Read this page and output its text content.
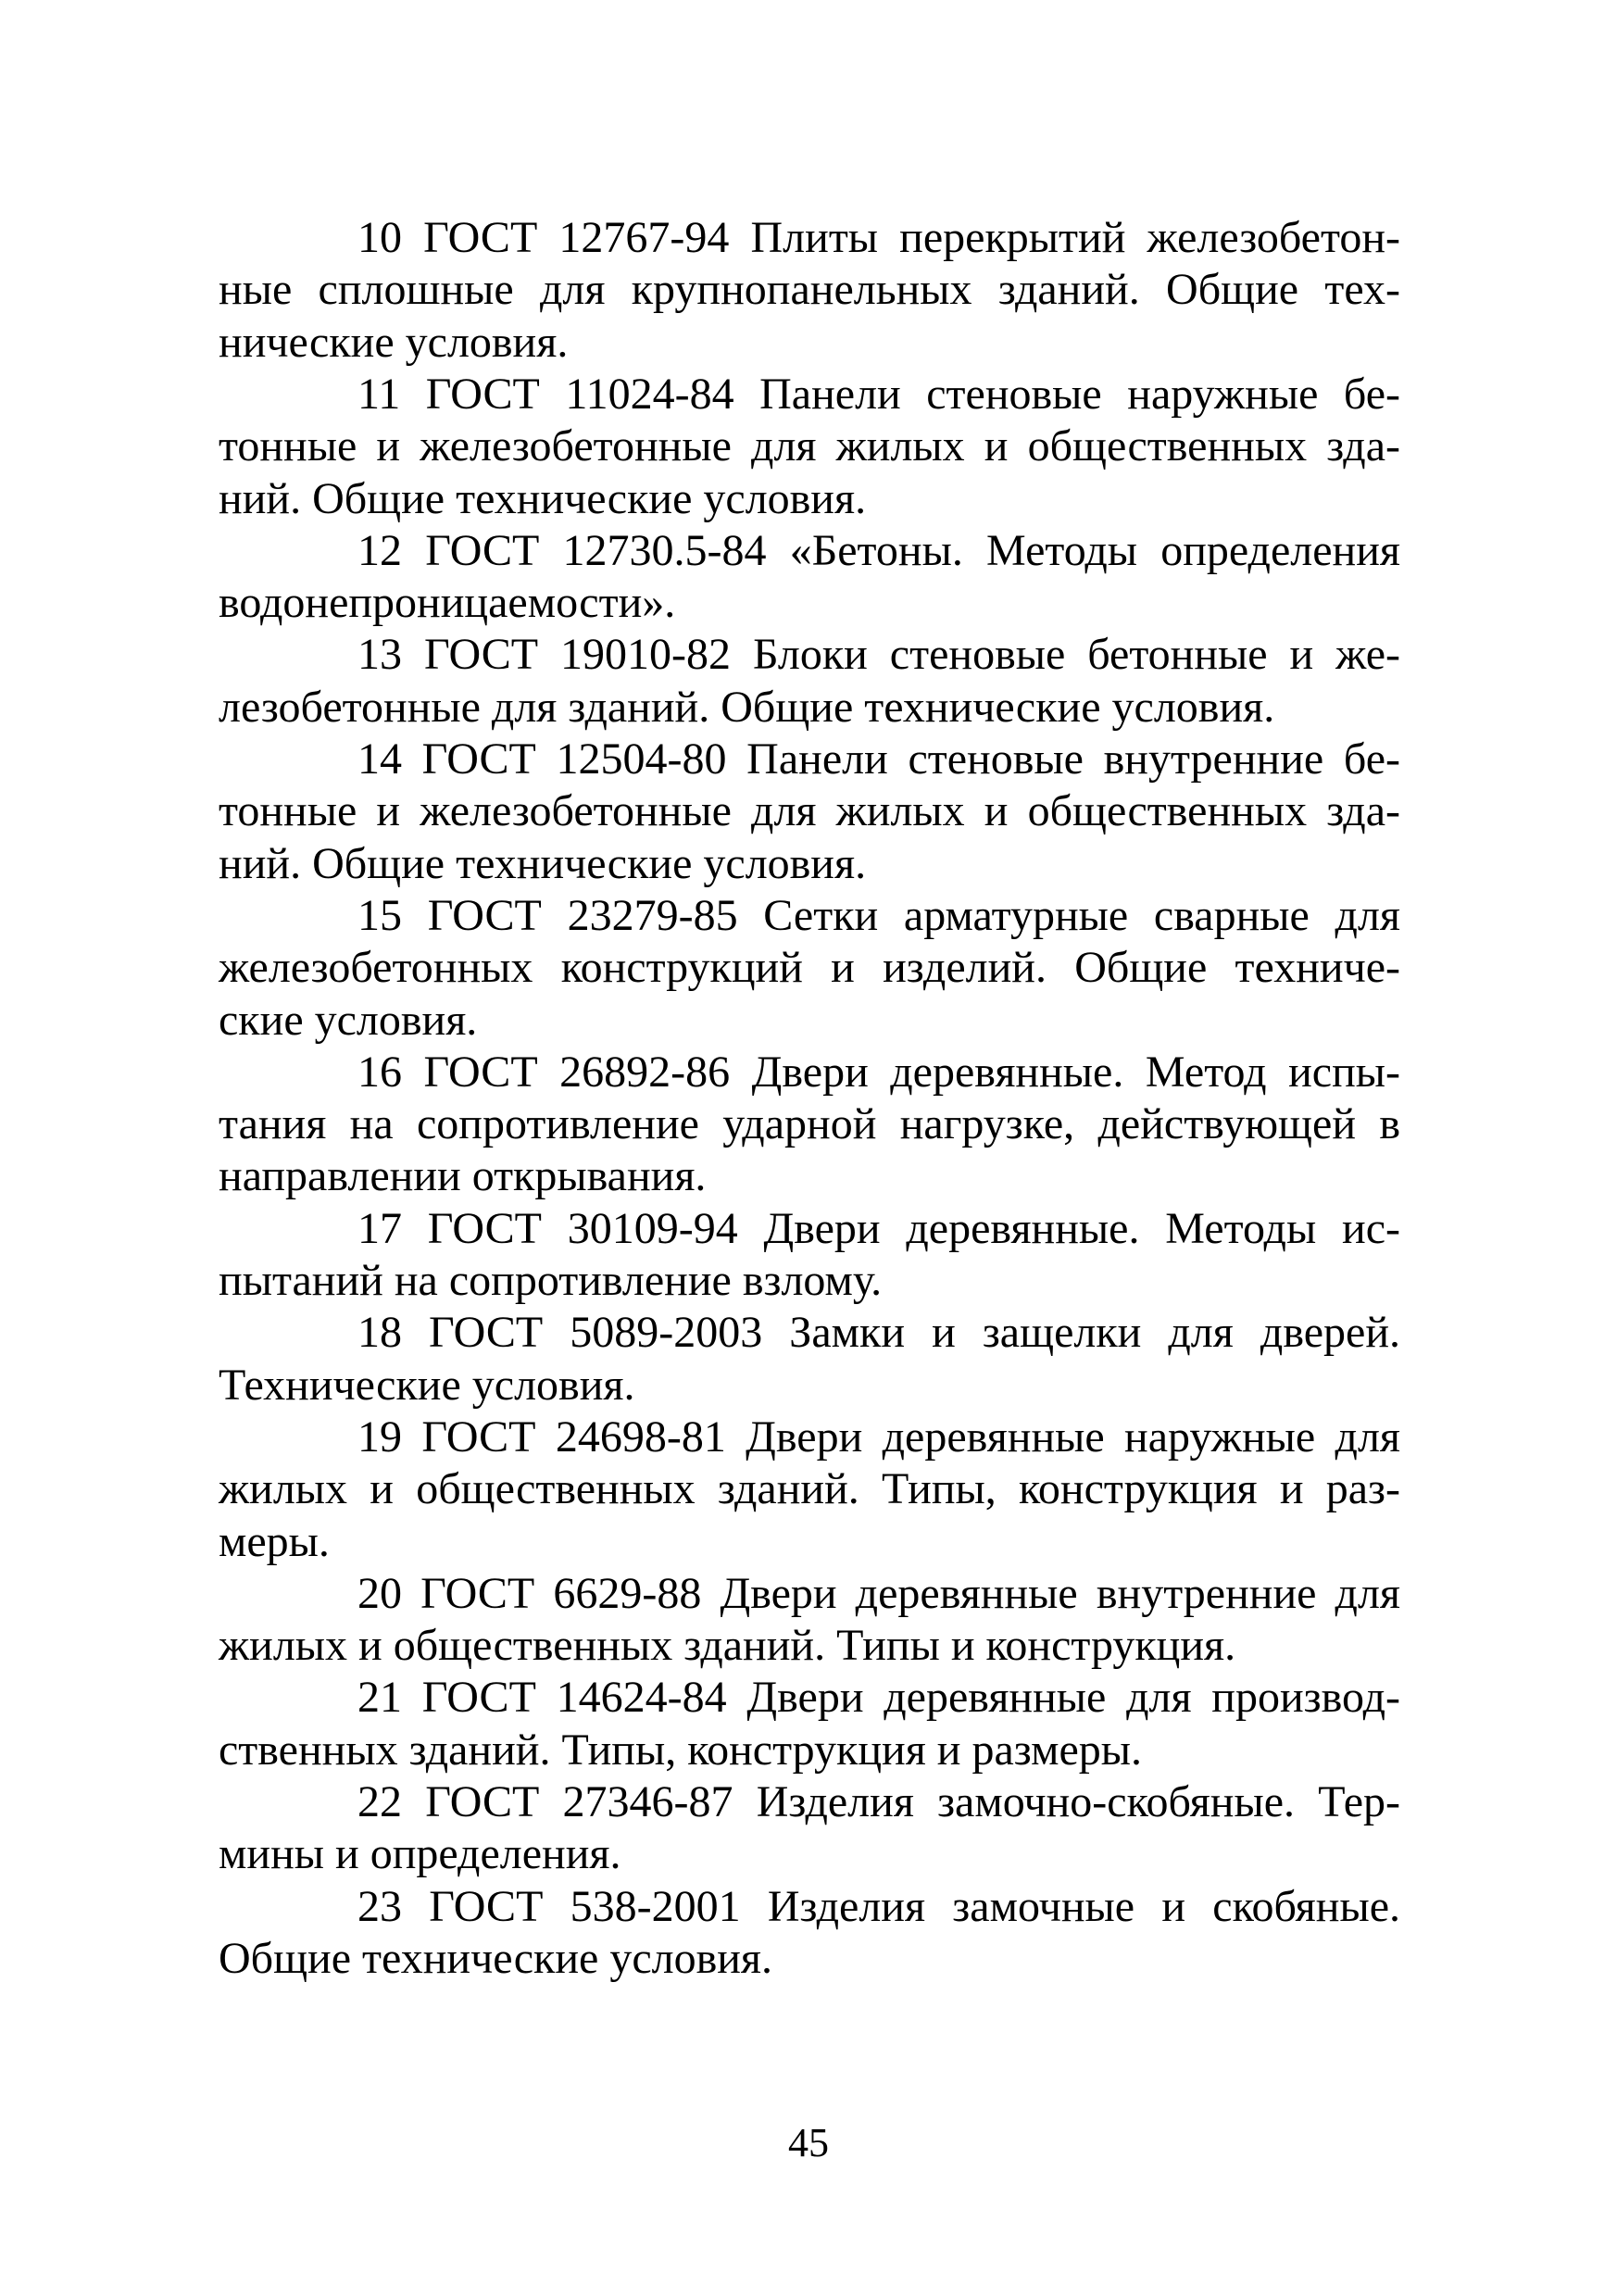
10 ГОСТ 12767-94 Плиты перекрытий железобетон-
ные сплошные для крупнопанельных зданий. Общие тех-
нические условия.
11 ГОСТ 11024-84 Панели стеновые наружные бе-
тонные и железобетонные для жилых и общественных зда-
ний. Общие технические условия.
12 ГОСТ 12730.5-84 «Бетоны. Методы определения
водонепроницаемости».
13 ГОСТ 19010-82 Блоки стеновые бетонные и же-
лезобетонные для зданий. Общие технические условия.
14 ГОСТ 12504-80 Панели стеновые внутренние бе-
тонные и железобетонные для жилых и общественных зда-
ний. Общие технические условия.
15 ГОСТ 23279-85 Сетки арматурные сварные для
железобетонных конструкций и изделий. Общие техниче-
ские условия.
16 ГОСТ 26892-86 Двери деревянные. Метод испы-
тания на сопротивление ударной нагрузке, действующей в
направлении открывания.
17 ГОСТ 30109-94 Двери деревянные. Методы ис-
пытаний на сопротивление взлому.
18 ГОСТ 5089-2003 Замки и защелки для дверей.
Технические условия.
19 ГОСТ 24698-81 Двери деревянные наружные для
жилых и общественных зданий. Типы, конструкция и раз-
меры.
20 ГОСТ 6629-88 Двери деревянные внутренние для
жилых и общественных зданий. Типы и конструкция.
21 ГОСТ 14624-84 Двери деревянные для производ-
ственных зданий. Типы, конструкция и размеры.
22 ГОСТ 27346-87 Изделия замочно-скобяные. Тер-
мины и определения.
23 ГОСТ 538-2001 Изделия замочные и скобяные.
Общие технические условия.
45
